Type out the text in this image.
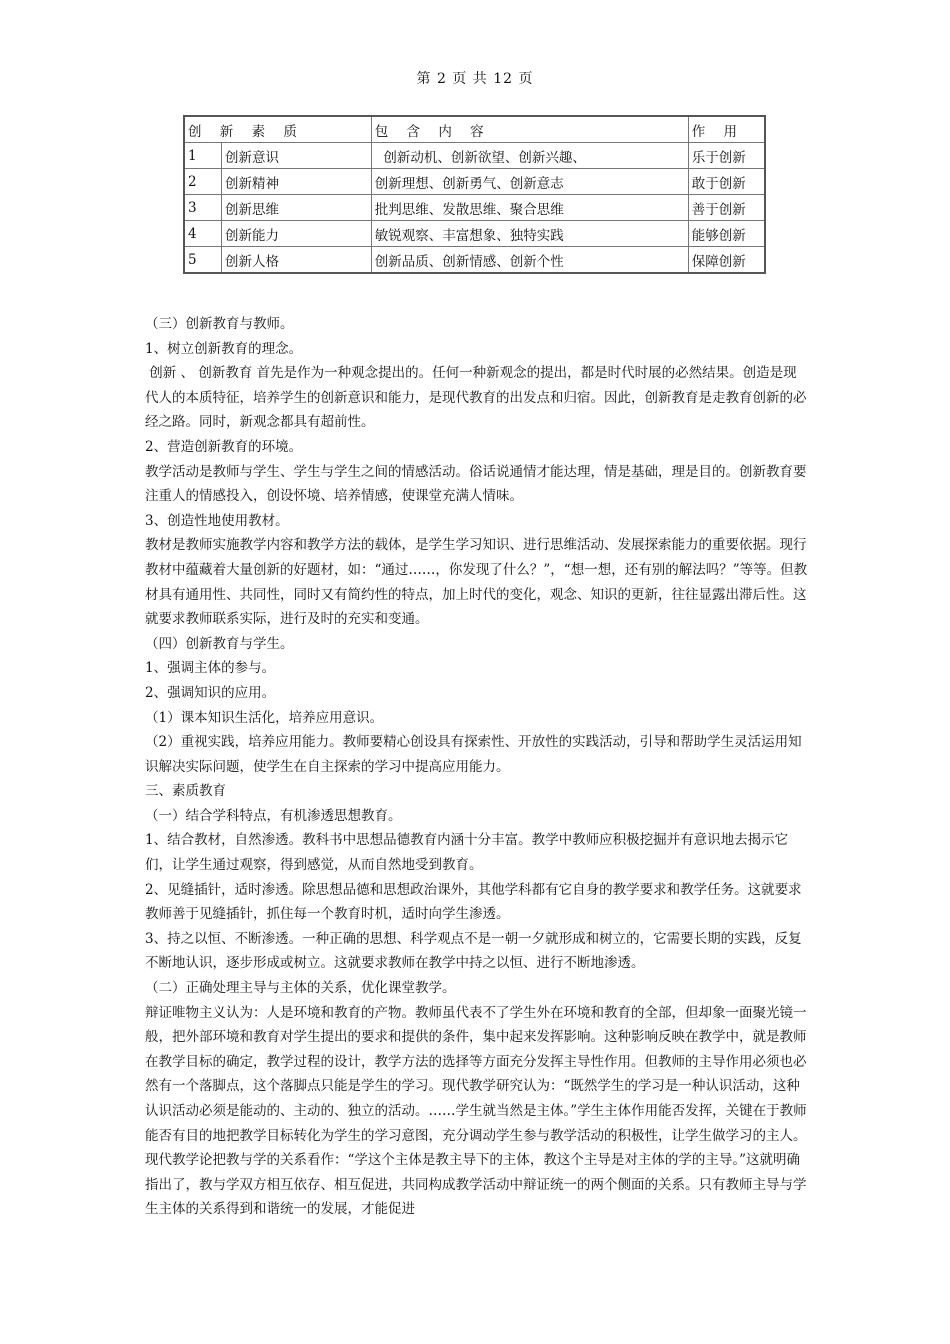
第 2 页 共 12 页
创 新 素 质		包 含 内 容	作 用
1	创新意识	创新动机、创新欲望、创新兴趣、	乐于创新
2	创新精神	创新理想、创新勇气、创新意志	敢于创新
3	创新思维	批判思维、发散思维、聚合思维	善于创新
4	创新能力	敏锐观察、丰富想象、独特实践	能够创新
5	创新人格	创新品质、创新情感、创新个性	保障创新

（三）创新教育与教师。

1、树立创新教育的理念。

创新 、 创新教育 首先是作为一种观念提出的。任何一种新观念的提出，都是时代时展的必然结果。创造是现代人的本质特征，培养学生的创新意识和能力，是现代教育的出发点和归宿。因此，创新教育是走教育创新的必经之路。同时，新观念都具有超前性。

2、营造创新教育的环境。

教学活动是教师与学生、学生与学生之间的情感活动。俗话说通情才能达理，情是基础，理是目的。创新教育要注重人的情感投入，创设怀境、培养情感，使课堂充满人情味。

3、创造性地使用教材。

教材是教师实施教学内容和教学方法的载体，是学生学习知识、进行思维活动、发展探索能力的重要依据。现行教材中蕴藏着大量创新的好题材，如：“通过……，你发现了什么？”，“想一想，还有别的解法吗？”等等。但教材具有通用性、共同性，同时又有简约性的特点，加上时代的变化，观念、知识的更新，往往显露出滞后性。这就要求教师联系实际，进行及时的充实和变通。

（四）创新教育与学生。

1、强调主体的参与。

2、强调知识的应用。

（1）课本知识生活化，培养应用意识。

（2）重视实践，培养应用能力。教师要精心创设具有探索性、开放性的实践活动，引导和帮助学生灵活运用知识解决实际问题，使学生在自主探索的学习中提高应用能力。

三、素质教育

（一）结合学科特点，有机渗透思想教育。

1、结合教材，自然渗透。教科书中思想品德教育内涵十分丰富。教学中教师应积极挖掘并有意识地去揭示它们，让学生通过观察，得到感觉，从而自然地受到教育。

2、见缝插针，适时渗透。除思想品德和思想政治课外，其他学科都有它自身的教学要求和教学任务。这就要求教师善于见缝插针，抓住每一个教育时机，适时向学生渗透。

3、持之以恒、不断渗透。一种正确的思想、科学观点不是一朝一夕就形成和树立的，它需要长期的实践，反复不断地认识，逐步形成或树立。这就要求教师在教学中持之以恒、进行不断地渗透。

（二）正确处理主导与主体的关系，优化课堂教学。

辩证唯物主义认为：人是环境和教育的产物。教师虽代表不了学生外在环境和教育的全部，但却象一面聚光镜一般，把外部环境和教育对学生提出的要求和提供的条件，集中起来发挥影响。这种影响反映在教学中，就是教师在教学目标的确定，教学过程的设计，教学方法的选择等方面充分发挥主导性作用。但教师的主导作用必须也必然有一个落脚点，这个落脚点只能是学生的学习。现代教学研究认为：“既然学生的学习是一种认识活动，这种认识活动必须是能动的、主动的、独立的活动。……学生就当然是主体。”学生主体作用能否发挥，关键在于教师能否有目的地把教学目标转化为学生的学习意图，充分调动学生参与教学活动的积极性，让学生做学习的主人。现代教学论把教与学的关系看作：“学这个主体是教主导下的主体，教这个主导是对主体的学的主导。”这就明确指出了，教与学双方相互依存、相互促进，共同构成教学活动中辩证统一的两个侧面的关系。只有教师主导与学生主体的关系得到和谐统一的发展，才能促进
